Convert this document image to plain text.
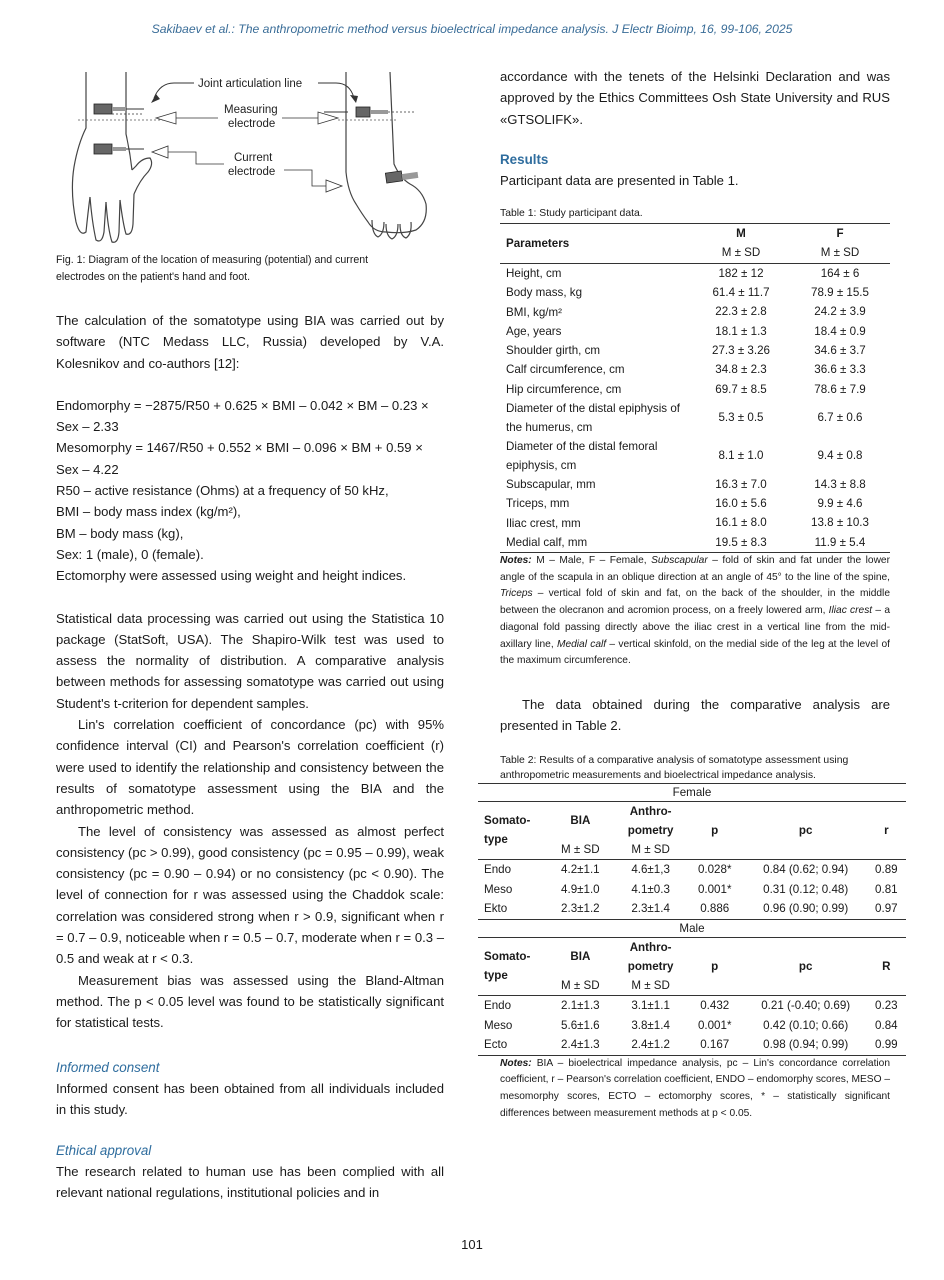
Sakibaev et al.: The anthropometric method versus bioelectrical impedance analysis. J Electr Bioimp, 16, 99-106, 2025
Joint articulation line
Measuring
electrode
Current
electrode
Fig. 1: Diagram of the location of measuring (potential) and current electrodes on the patient's hand and foot.

The calculation of the somatotype using BIA was carried out by software (NTC Medass LLC, Russia) developed by V.A. Kolesnikov and co-authors [12]:

Endomorphy = −2875/R50 + 0.625 × BMI – 0.042 × BM – 0.23 × Sex – 2.33

Mesomorphy = 1467/R50 + 0.552 × BMI – 0.096 × BM + 0.59 × Sex – 4.22

R50 – active resistance (Ohms) at a frequency of 50 kHz,

BMI – body mass index (kg/m²),

BM – body mass (kg),

Sex: 1 (male), 0 (female).

Ectomorphy were assessed using weight and height indices.

Statistical data processing was carried out using the Statistica 10 package (StatSoft, USA). The Shapiro-Wilk test was used to assess the normality of distribution. A comparative analysis between methods for assessing somatotype was carried out using Student's t-criterion for dependent samples.

Lin's correlation coefficient of concordance (pc) with 95% confidence interval (CI) and Pearson's correlation coefficient (r) were used to identify the relationship and consistency between the results of somatotype assessment using the BIA and the anthropometric method.

The level of consistency was assessed as almost perfect consistency (pc > 0.99), good consistency (pc = 0.95 – 0.99), weak consistency (pc = 0.90 – 0.94) or no consistency (pc < 0.90). The level of connection for r was assessed using the Chaddok scale: correlation was considered strong when r > 0.9, significant when r = 0.7 – 0.9, noticeable when r = 0.5 – 0.7, moderate when r = 0.3 – 0.5 and weak at r < 0.3.

Measurement bias was assessed using the Bland-Altman method. The p < 0.05 level was found to be statistically significant for statistical tests.

Informed consent

Informed consent has been obtained from all individuals included in this study.

Ethical approval

The research related to human use has been complied with all relevant national regulations, institutional policies and in

accordance with the tenets of the Helsinki Declaration and was approved by the Ethics Committees Osh State University and RUS «GTSOLIFK».

Results

Participant data are presented in Table 1.

Table 1: Study participant data.
Parameters	M	F
	M ± SD	M ± SD
Height, cm	182 ± 12	164 ± 6
Body mass, kg	61.4 ± 11.7	78.9 ± 15.5
BMI, kg/m²	22.3 ± 2.8	24.2 ± 3.9
Age, years	18.1 ± 1.3	18.4 ± 0.9
Shoulder girth, cm	27.3 ± 3.26	34.6 ± 3.7
Calf circumference, cm	34.8 ± 2.3	36.6 ± 3.3
Hip circumference, cm	69.7 ± 8.5	78.6 ± 7.9
Diameter of the distal epiphysis of the humerus, cm	5.3 ± 0.5	6.7 ± 0.6
Diameter of the distal femoral epiphysis, cm	8.1 ± 1.0	9.4 ± 0.8
Subscapular, mm	16.3 ± 7.0	14.3 ± 8.8
Triceps, mm	16.0 ± 5.6	9.9 ± 4.6
Iliac crest, mm	16.1 ± 8.0	13.8 ± 10.3
Medial calf, mm	19.5 ± 8.3	11.9 ± 5.4
Notes: M – Male, F – Female, Subscapular – fold of skin and fat under the lower angle of the scapula in an oblique direction at an angle of 45° to the line of the spine, Triceps – vertical fold of skin and fat, on the back of the shoulder, in the middle between the olecranon and acromion process, on a freely lowered arm, Iliac crest – a diagonal fold passing directly above the iliac crest in a vertical line from the mid-axillary line, Medial calf – vertical skinfold, on the medial side of the leg at the level of the maximum circumference.

The data obtained during the comparative analysis are presented in Table 2.

Table 2: Results of a comparative analysis of somatotype assessment using anthropometric measurements and bioelectrical impedance analysis.
Female					
Somato-type	BIA	Anthro-pometry	p	pc	r
	M ± SD	M ± SD			
Endo	4.2±1.1	4.6±1,3	0.028*	0.84 (0.62; 0.94)	0.89
Meso	4.9±1.0	4.1±0.3	0.001*	0.31 (0.12; 0.48)	0.81
Ekto	2.3±1.2	2.3±1.4	0.886	0.96 (0.90; 0.99)	0.97
Male					
Somato-type	BIA	Anthro-pometry	p	pc	R
	M ± SD	M ± SD			
Endo	2.1±1.3	3.1±1.1	0.432	0.21 (-0.40; 0.69)	0.23
Meso	5.6±1.6	3.8±1.4	0.001*	0.42 (0.10; 0.66)	0.84
Ecto	2.4±1.3	2.4±1.2	0.167	0.98 (0.94; 0.99)	0.99
Notes: BIA – bioelectrical impedance analysis, pc – Lin's concordance correlation coefficient, r – Pearson's correlation coefficient, ENDO – endomorphy scores, MESO – mesomorphy scores, ECTO – ectomorphy scores, * – statistically significant differences between measurement methods at p < 0.05.
101
